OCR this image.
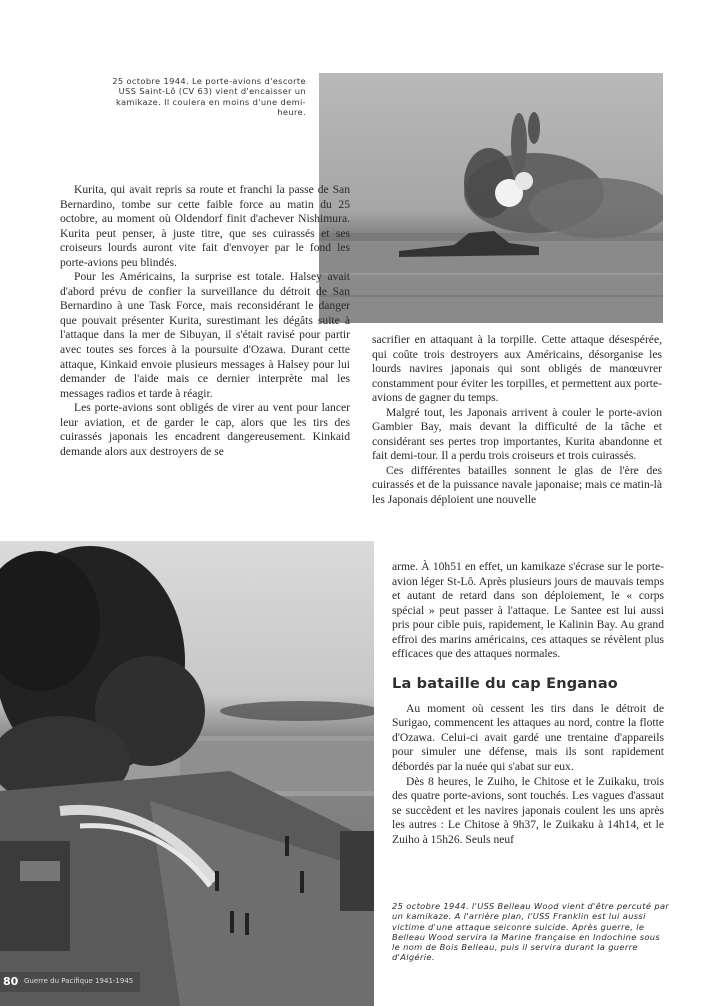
25 octobre 1944. Le porte-avions d'escorte USS Saint-Lô (CV 63) vient d'encaisser un kamikaze. Il coulera en moins d'une demi-heure.

Kurita, qui avait repris sa route et franchi la passe de San Bernardino, tombe sur cette faible force au matin du 25 octobre, au moment où Oldendorf finit d'achever Nishimura. Kurita peut penser, à juste titre, que ses cuirassés et ses croiseurs lourds auront vite fait d'envoyer par le fond les porte-avions peu blindés.

Pour les Américains, la surprise est totale. Halsey avait d'abord prévu de confier la surveillance du détroit de San Bernardino à une Task Force, mais reconsidérant le danger que pouvait présenter Kurita, surestimant les dégâts suite à l'attaque dans la mer de Sibuyan, il s'était ravisé pour partir avec toutes ses forces à la poursuite d'Ozawa. Durant cette attaque, Kinkaid envoie plusieurs messages à Halsey pour lui demander de l'aide mais ce dernier interprète mal les messages radios et tarde à réagir.

Les porte-avions sont obligés de virer au vent pour lancer leur aviation, et de garder le cap, alors que les tirs des cuirassés japonais les encadrent dangereusement. Kinkaid demande alors aux destroyers de se

sacrifier en attaquant à la torpille. Cette attaque désespérée, qui coûte trois destroyers aux Américains, désorganise les lourds navires japonais qui sont obligés de manœuvrer constamment pour éviter les torpilles, et permettent aux porte-avions de gagner du temps.

Malgré tout, les Japonais arrivent à couler le porte-avion Gambier Bay, mais devant la difficulté de la tâche et considérant ses pertes trop importantes, Kurita abandonne et fait demi-tour. Il a perdu trois croiseurs et trois cuirassés.

Ces différentes batailles sonnent le glas de l'ère des cuirassés et de la puissance navale japonaise; mais ce matin-là les Japonais déploient une nouvelle

arme. À 10h51 en effet, un kamikaze s'écrase sur le porte-avion léger St-Lô. Après plusieurs jours de mauvais temps et autant de retard dans son déploiement, le « corps spécial » peut passer à l'attaque. Le Santee est lui aussi pris pour cible puis, rapidement, le Kalinin Bay. Au grand effroi des marins américains, ces attaques se révèlent plus efficaces que des attaques normales.

La bataille du cap Enganao

Au moment où cessent les tirs dans le détroit de Surigao, commencent les attaques au nord, contre la flotte d'Ozawa. Celui-ci avait gardé une trentaine d'appareils pour simuler une défense, mais ils sont rapidement débordés par la nuée qui s'abat sur eux.

Dès 8 heures, le Zuiho, le Chitose et le Zuikaku, trois des quatre porte-avions, sont touchés. Les vagues d'assaut se succèdent et les navires japonais coulent les uns après les autres : Le Chitose à 9h37, le Zuikaku à 14h14, et le Zuiho à 15h26. Seuls neuf

NARA
25 octobre 1944. l'USS Belleau Wood vient d'être percuté par un kamikaze. A l'arrière plan, l'USS Franklin est lui aussi victime d'une attaque seiconre suicide. Après guerre, le Belleau Wood servira la Marine française en Indochine sous le nom de Bois Belleau, puis il servira durant la guerre d'Algérie.
80 Guerre du Pacifique 1941-1945
